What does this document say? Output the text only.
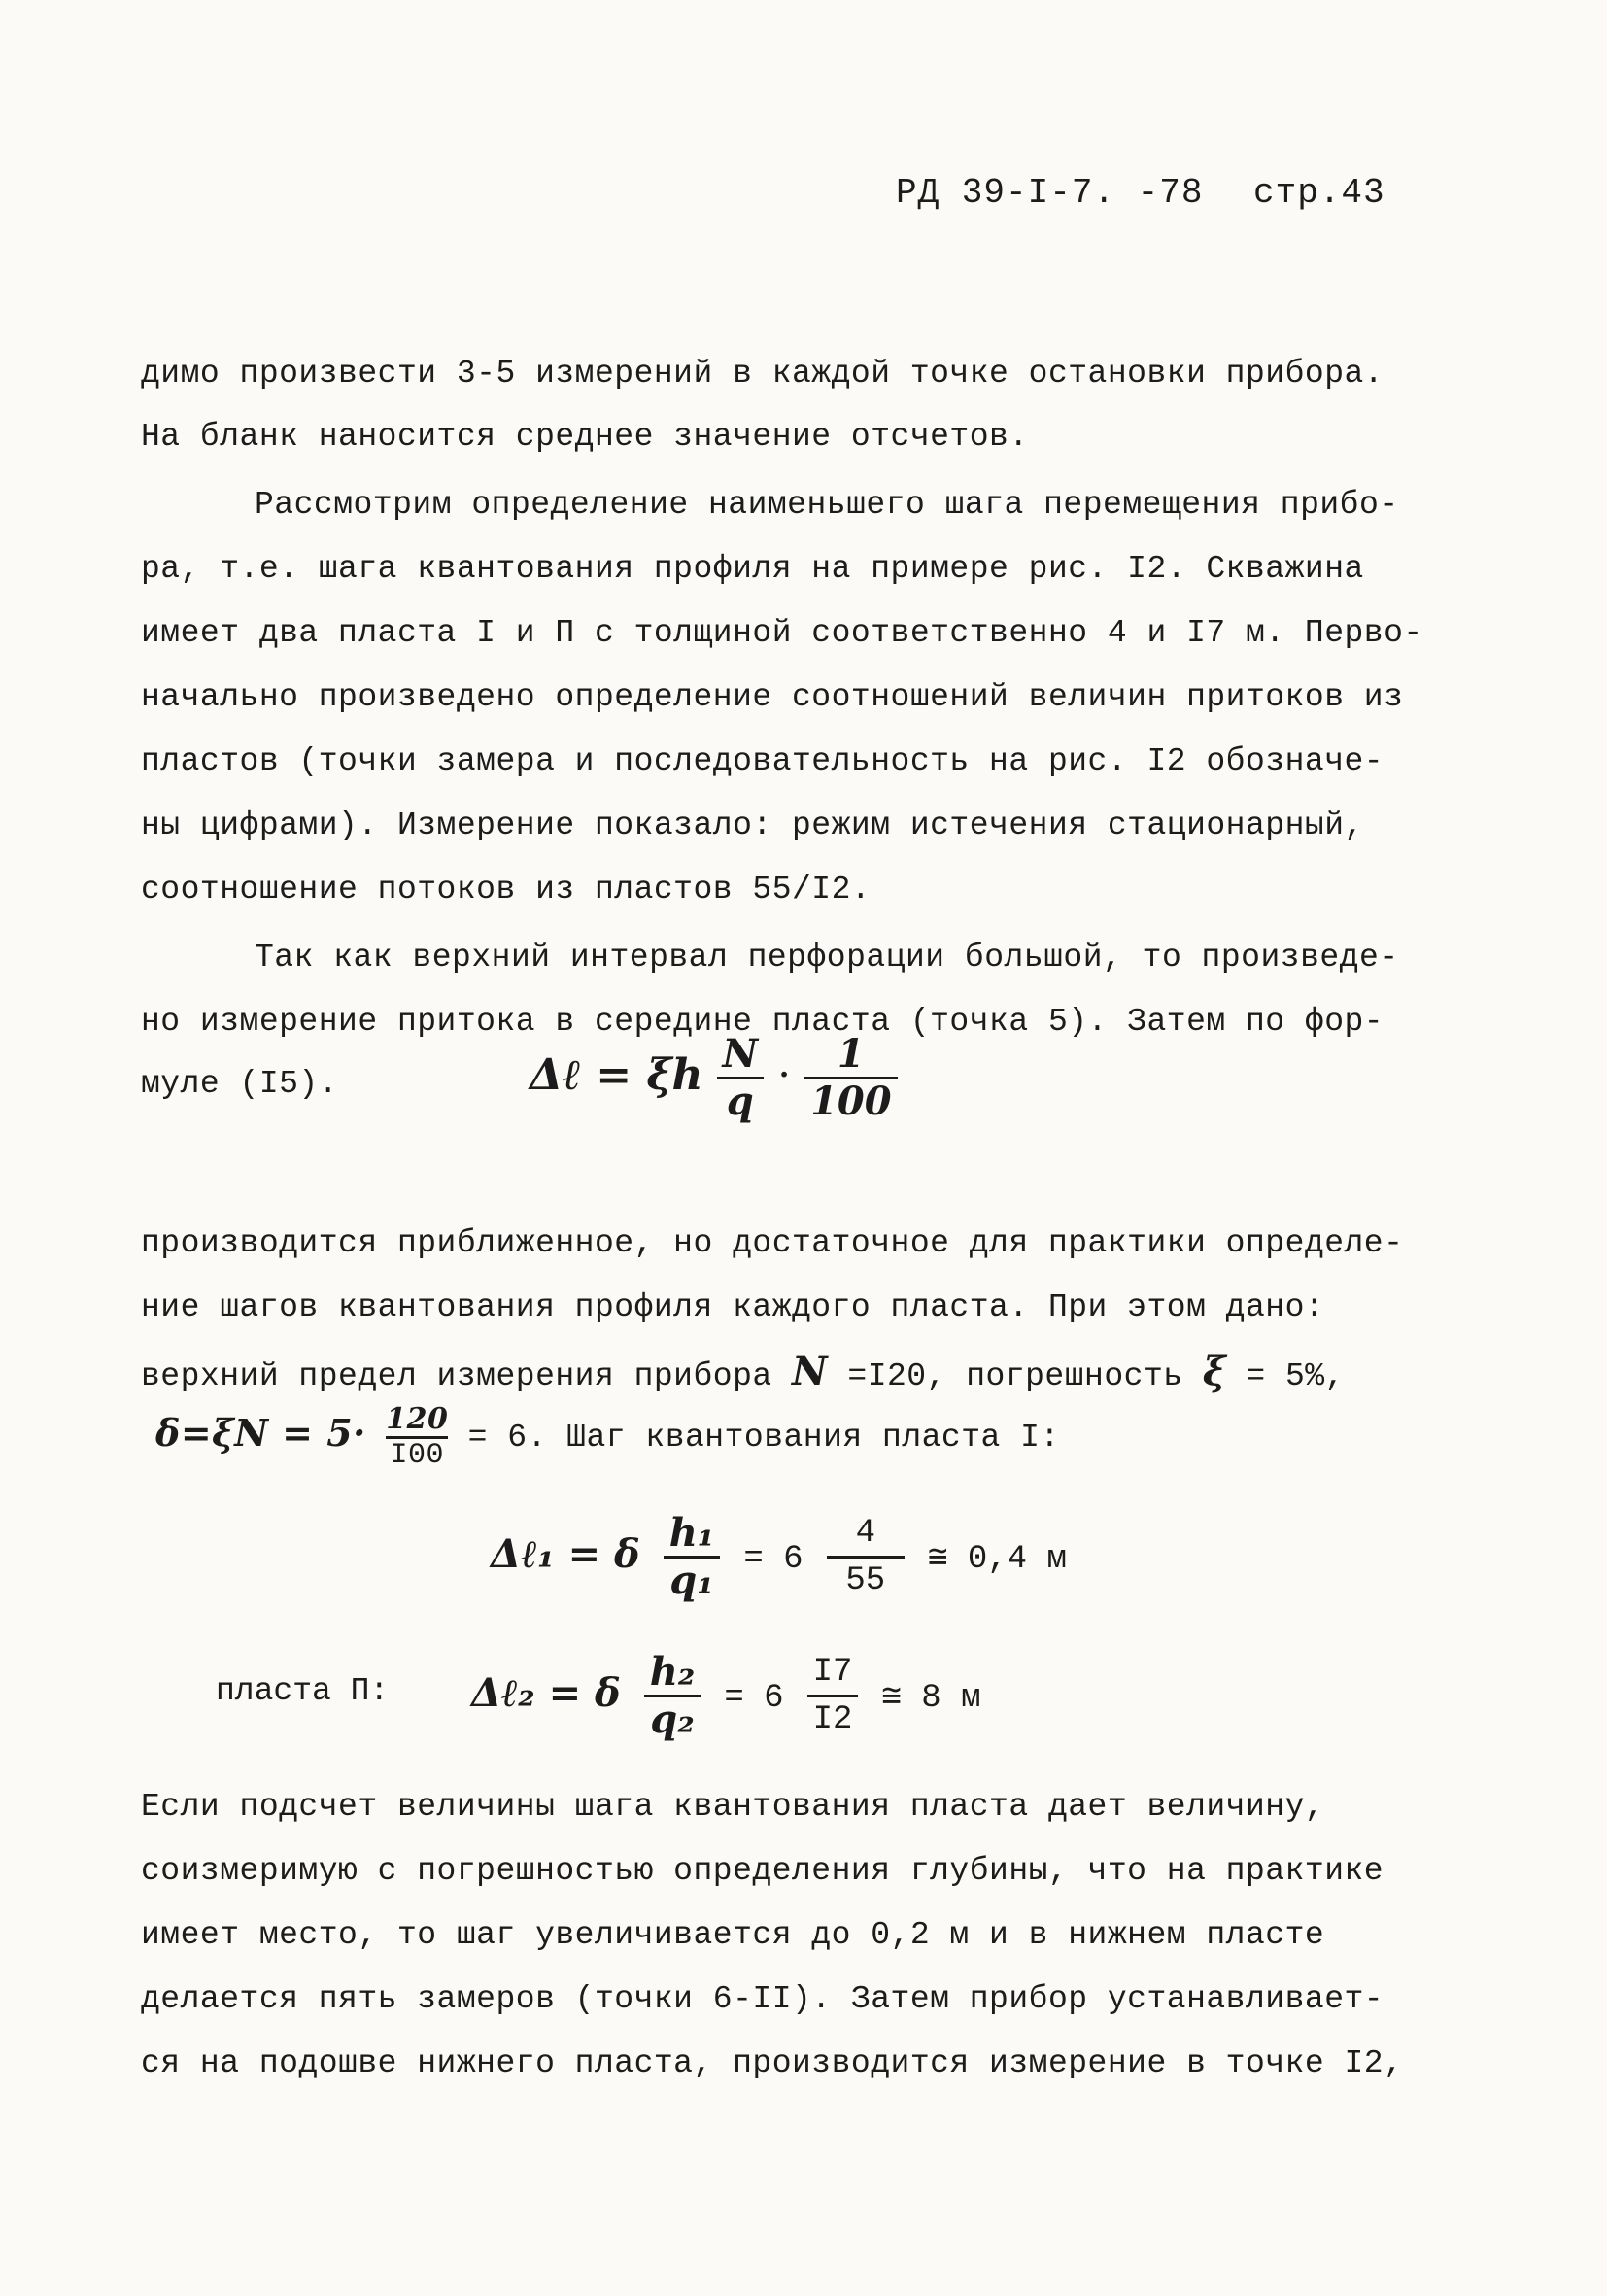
РД 39-I-7. -78 стр.43
димо произвести 3-5 измерений в каждой точке остановки прибора.
На бланк наносится среднее значение отсчетов.
Рассмотрим определение наименьшего шага перемещения прибо-
ра, т.е. шага квантования профиля на примере рис. I2. Скважина
имеет два пласта I и П с толщиной соответственно 4 и I7 м. Перво-
начально произведено определение соотношений величин притоков из
пластов (точки замера и последовательность на рис. I2 обозначе-
ны цифрами). Измерение показало: режим истечения стационарный,
соотношение потоков из пластов 55/I2.
Так как верхний интервал перфорации большой, то произведе-
но измерение притока в середине пласта (точка 5). Затем по фор-
муле (I5).	Δℓ = ξh $\frac{N}{q} \cdot \frac{1}{100}$
производится приближенное, но достаточное для практики определе-
ние шагов квантования профиля каждого пласта. При этом дано:
верхний предел измерения прибора N =I20, погрешность ξ = 5%,
$\delta=\xi N = 5\cdot \frac{120}{I00} = 6$. Шаг квантования пласта I:
Δℓ₁ = δ $\frac{\text{h₁}}{\text{q₁}} = 6 \frac{4}{55}$ ≅ 0,4 м
пласта П: Δℓ₂ = δ $\frac{\text{h₂}}{\text{q₂}} = 6 \frac{I7}{I2}$ ≅ 8 м
Если подсчет величины шага квантования пласта дает величину,
соизмеримую с погрешностью определения глубины, что на практике
имеет место, то шаг увеличивается до 0,2 м и в нижнем пласте
делается пять замеров (точки 6-II). Затем прибор устанавливает-
ся на подошве нижнего пласта, производится измерение в точке I2,
